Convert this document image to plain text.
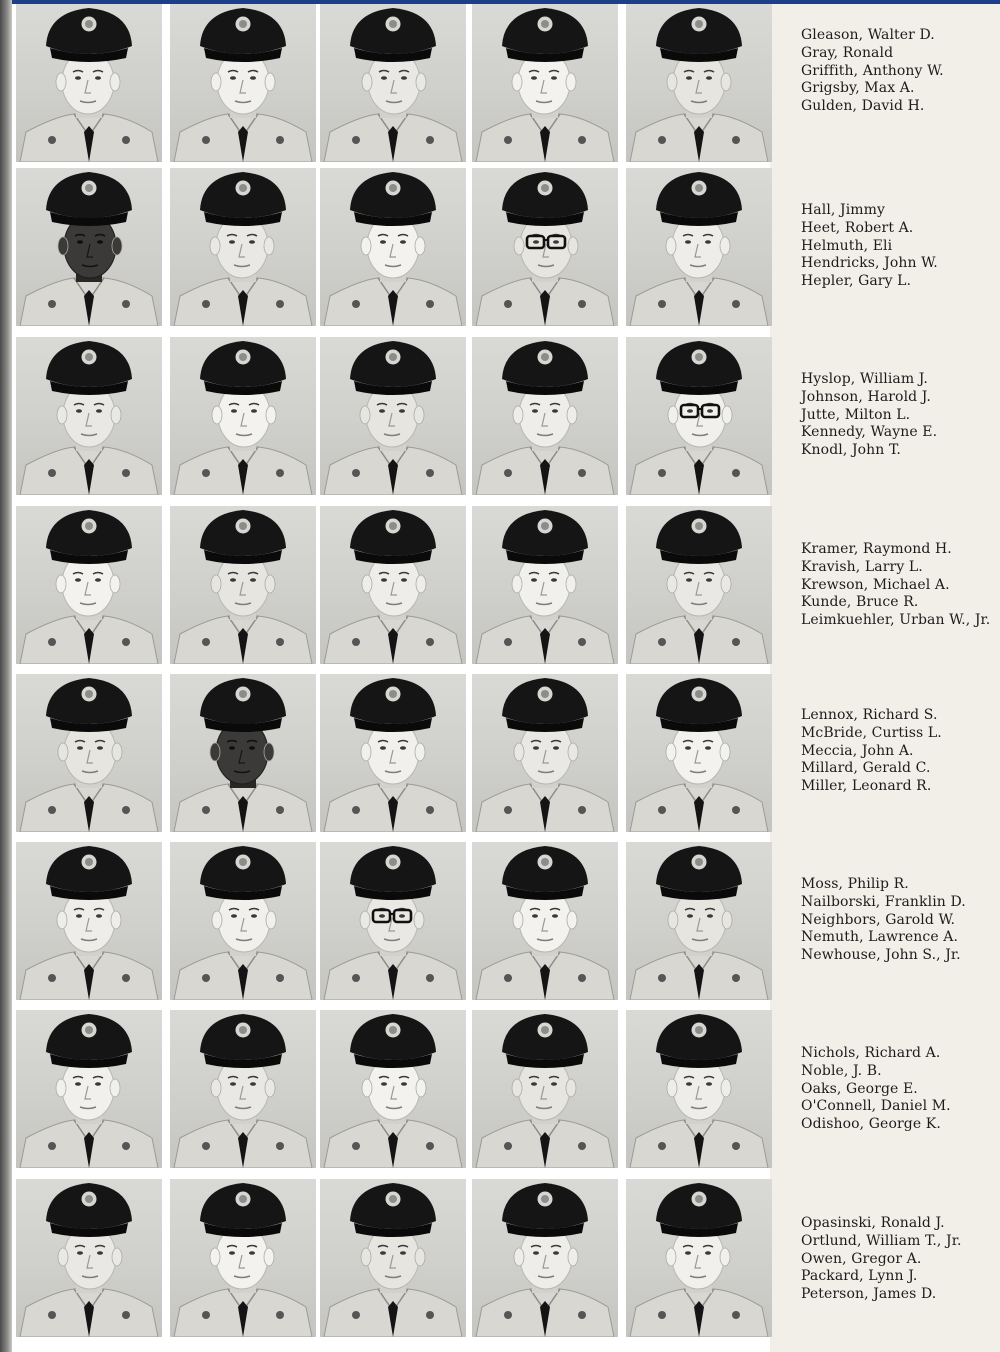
Gleason, Walter D.
Gray, Ronald
Griffith, Anthony W.
Grigsby, Max A.
Gulden, David H.
Hall, Jimmy
Heet, Robert A.
Helmuth, Eli
Hendricks, John W.
Hepler, Gary L.
Hyslop, William J.
Johnson, Harold J.
Jutte, Milton L.
Kennedy, Wayne E.
Knodl, John T.
Kramer, Raymond H.
Kravish, Larry L.
Krewson, Michael A.
Kunde, Bruce R.
Leimkuehler, Urban W., Jr.
Lennox, Richard S.
McBride, Curtiss L.
Meccia, John A.
Millard, Gerald C.
Miller, Leonard R.
Moss, Philip R.
Nailborski, Franklin D.
Neighbors, Garold W.
Nemuth, Lawrence A.
Newhouse, John S., Jr.
Nichols, Richard A.
Noble, J. B.
Oaks, George E.
O'Connell, Daniel M.
Odishoo, George K.
Opasinski, Ronald J.
Ortlund, William T., Jr.
Owen, Gregor A.
Packard, Lynn J.
Peterson, James D.
